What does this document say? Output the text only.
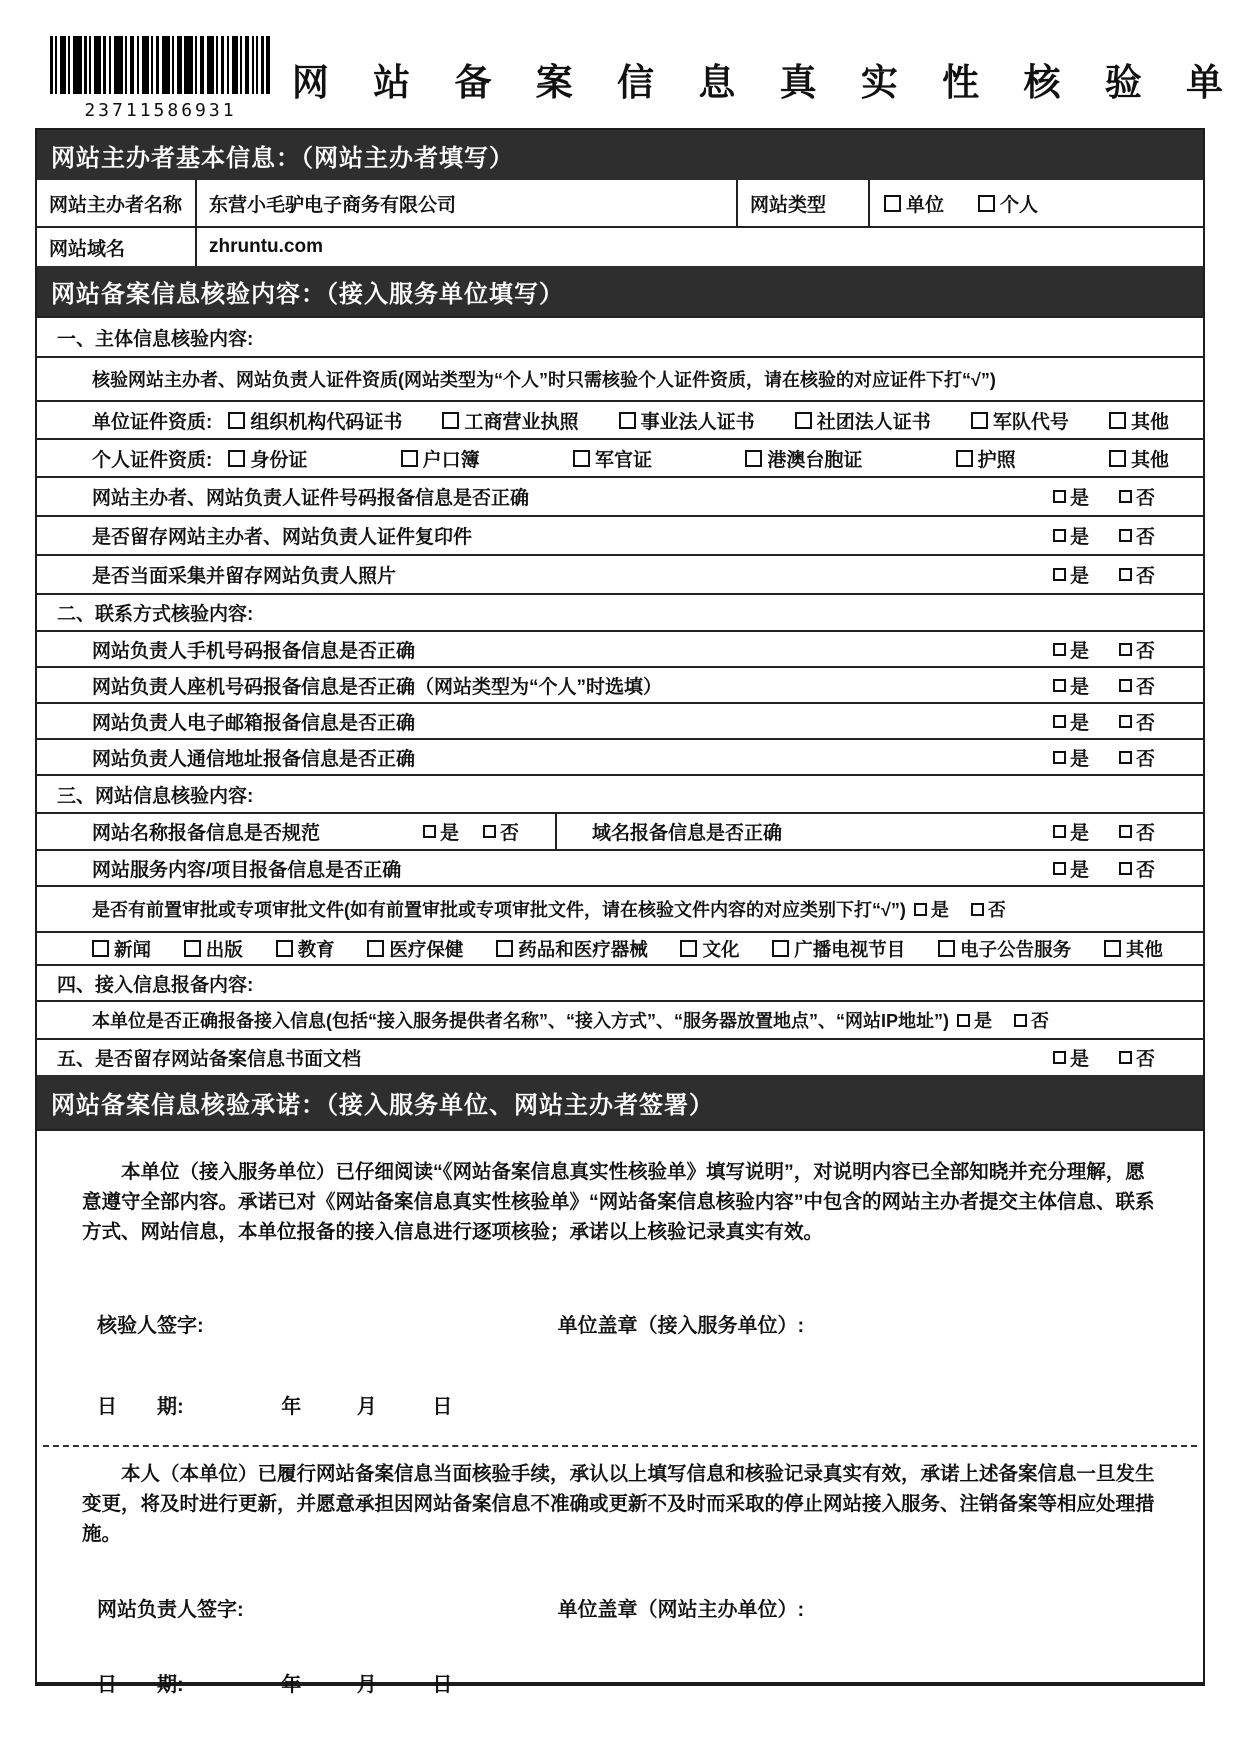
23711586931
网 站 备 案 信 息 真 实 性 核 验 单
网站主办者基本信息：（网站主办者填写）
网站主办者名称	东营小毛驴电子商务有限公司	网站类型	单位	个人
网站域名	zhruntu.com
网站备案信息核验内容：（接入服务单位填写）
一、主体信息核验内容:
核验网站主办者、网站负责人证件资质(网站类型为“个人”时只需核验个人证件资质，请在核验的对应证件下打“√”)
单位证件资质:	组织机构代码证书	工商营业执照	事业法人证书	社团法人证书	军队代号	其他
个人证件资质:	身份证	户口簿	军官证	港澳台胞证	护照	其他
网站主办者、网站负责人证件号码报备信息是否正确	是 否
是否留存网站主办者、网站负责人证件复印件	是 否
是否当面采集并留存网站负责人照片	是 否
二、联系方式核验内容:
网站负责人手机号码报备信息是否正确	是 否
网站负责人座机号码报备信息是否正确（网站类型为“个人”时选填）	是 否
网站负责人电子邮箱报备信息是否正确	是 否
网站负责人通信地址报备信息是否正确	是 否
三、网站信息核验内容:
网站名称报备信息是否规范	是 否	域名报备信息是否正确	是 否
网站服务内容/项目报备信息是否正确	是 否
是否有前置审批或专项审批文件(如有前置审批或专项审批文件，请在核验文件内容的对应类别下打“√”) 是 否
新闻	出版	教育	医疗保健	药品和医疗器械	文化	广播电视节目	电子公告服务	其他
四、接入信息报备内容:
本单位是否正确报备接入信息(包括“接入服务提供者名称”、“接入方式”、“服务器放置地点”、“网站IP地址”) 是 否
五、是否留存网站备案信息书面文档	是 否
网站备案信息核验承诺：（接入服务单位、网站主办者签署）

本单位（接入服务单位）已仔细阅读“《网站备案信息真实性核验单》填写说明”，对说明内容已全部知晓并充分理解，愿意遵守全部内容。承诺已对《网站备案信息真实性核验单》“网站备案信息核验内容”中包含的网站主办者提交主体信息、联系方式、网站信息，本单位报备的接入信息进行逐项核验；承诺以上核验记录真实有效。

核验人签字:	单位盖章（接入服务单位）:
日　　期:	年	月	日

本人（本单位）已履行网站备案信息当面核验手续，承认以上填写信息和核验记录真实有效，承诺上述备案信息一旦发生变更，将及时进行更新，并愿意承担因网站备案信息不准确或更新不及时而采取的停止网站接入服务、注销备案等相应处理措施。

网站负责人签字:	单位盖章（网站主办单位）:
日　　期:	年	月	日
